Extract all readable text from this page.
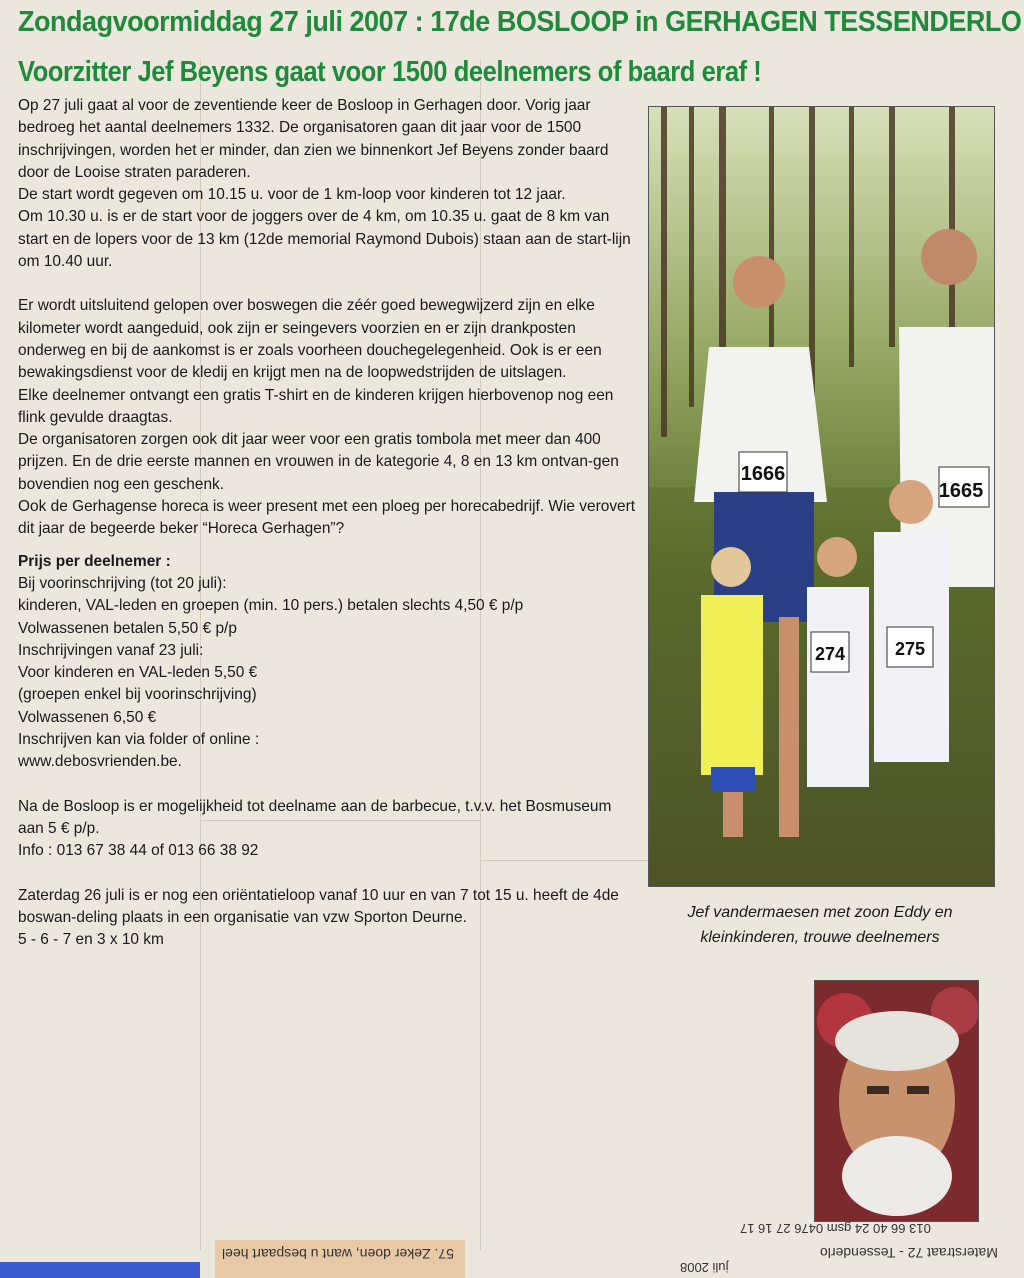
Zondagvoormiddag 27 juli 2007 : 17de BOSLOOP in GERHAGEN TESSENDERLO
Voorzitter Jef Beyens gaat voor 1500 deelnemers of baard eraf !

Op 27 juli gaat al voor de zeventiende keer de Bosloop in Gerhagen door. Vorig jaar bedroeg het aantal deelnemers 1332. De organisatoren gaan dit jaar voor de 1500 inschrijvingen, worden het er minder, dan zien we binnenkort Jef Beyens zonder baard door de Looise straten paraderen.

De start wordt gegeven om 10.15 u. voor de 1 km-loop voor kinderen tot 12 jaar.

Om 10.30 u. is er de start voor de joggers over de 4 km, om 10.35 u. gaat de 8 km van start en de lopers voor de 13 km (12de memorial Raymond Dubois) staan aan de start-lijn om 10.40 uur.

Er wordt uitsluitend gelopen over boswegen die zéér goed bewegwijzerd zijn en elke kilometer wordt aangeduid, ook zijn er seingevers voorzien en er zijn drankposten onderweg en bij de aankomst is er zoals voorheen douchegelegenheid. Ook is er een bewakingsdienst voor de kledij en krijgt men na de loopwedstrijden de uitslagen.

Elke deelnemer ontvangt een gratis T-shirt en de kinderen krijgen hierbovenop nog een flink gevulde draagtas.

De organisatoren zorgen ook dit jaar weer voor een gratis tombola met meer dan 400 prijzen. En de drie eerste mannen en vrouwen in de kategorie 4, 8 en 13 km ontvan-gen bovendien nog een geschenk.

Ook de Gerhagense horeca is weer present met een ploeg per horecabedrijf. Wie verovert dit jaar de begeerde beker “Horeca Gerhagen”?

Prijs per deelnemer :

Bij voorinschrijving (tot 20 juli):

kinderen, VAL-leden en groepen (min. 10 pers.) betalen slechts 4,50 € p/p

Volwassenen betalen 5,50 € p/p

Inschrijvingen vanaf 23 juli:

Voor kinderen en VAL-leden 5,50 €

(groepen enkel bij voorinschrijving)

Volwassenen 6,50 €

Inschrijven kan via folder of online :

www.debosvrienden.be.

Na de Bosloop is er mogelijkheid tot deelname aan de barbecue, t.v.v. het Bosmuseum aan 5 € p/p.

Info : 013 67 38 44 of 013 66 38 92

Zaterdag 26 juli is er nog een oriëntatieloop vanaf 10 uur en van 7 tot 15 u. heeft de 4de boswan-deling plaats in een organisatie van vzw Sporton Deurne.

5 - 6 - 7 en 3 x 10 km

1666
1665
274	275
Jef vandermaesen met zoon Eddy en kleinkinderen, trouwe deelnemers
57. Zeker doen, want u bespaart heel
013 66 40 24 gsm 0476 27 16 17
Materstraat 72 - Tessenderlo
juli 2008
